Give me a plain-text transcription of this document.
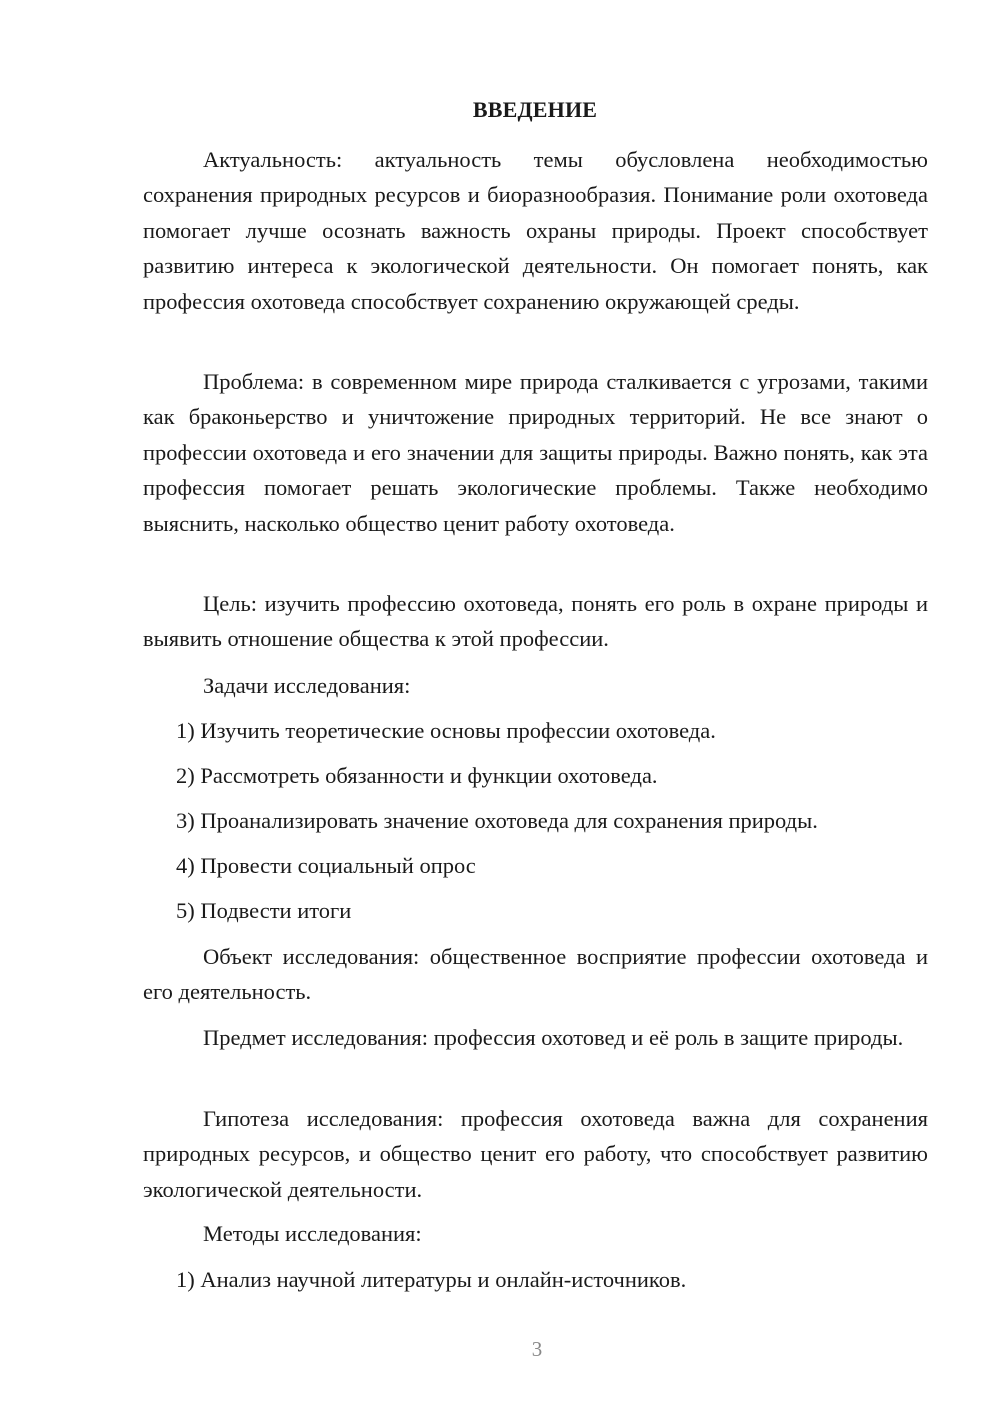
ВВЕДЕНИЕ

Актуальность: актуальность темы обусловлена необходимостью сохранения природных ресурсов и биоразнообразия. Понимание роли охотоведа помогает лучше осознать важность охраны природы. Проект способствует развитию интереса к экологической деятельности. Он помогает понять, как профессия охотоведа способствует сохранению окружающей среды.

Проблема: в современном мире природа сталкивается с угрозами, такими как браконьерство и уничтожение природных территорий. Не все знают о профессии охотоведа и его значении для защиты природы. Важно понять, как эта профессия помогает решать экологические проблемы. Также необходимо выяснить, насколько общество ценит работу охотоведа.

Цель: изучить профессию охотоведа, понять его роль в охране природы и выявить отношение общества к этой профессии.

Задачи исследования:

1) Изучить теоретические основы профессии охотоведа.

2) Рассмотреть обязанности и функции охотоведа.

3) Проанализировать значение охотоведа для сохранения природы.

4) Провести социальный опрос

5) Подвести итоги

Объект исследования: общественное восприятие профессии охотоведа и его деятельность.

Предмет исследования: профессия охотовед и её роль в защите природы.

Гипотеза исследования: профессия охотоведа важна для сохранения природных ресурсов, и общество ценит его работу, что способствует развитию экологической деятельности.

Методы исследования:

1) Анализ научной литературы и онлайн-источников.

3
